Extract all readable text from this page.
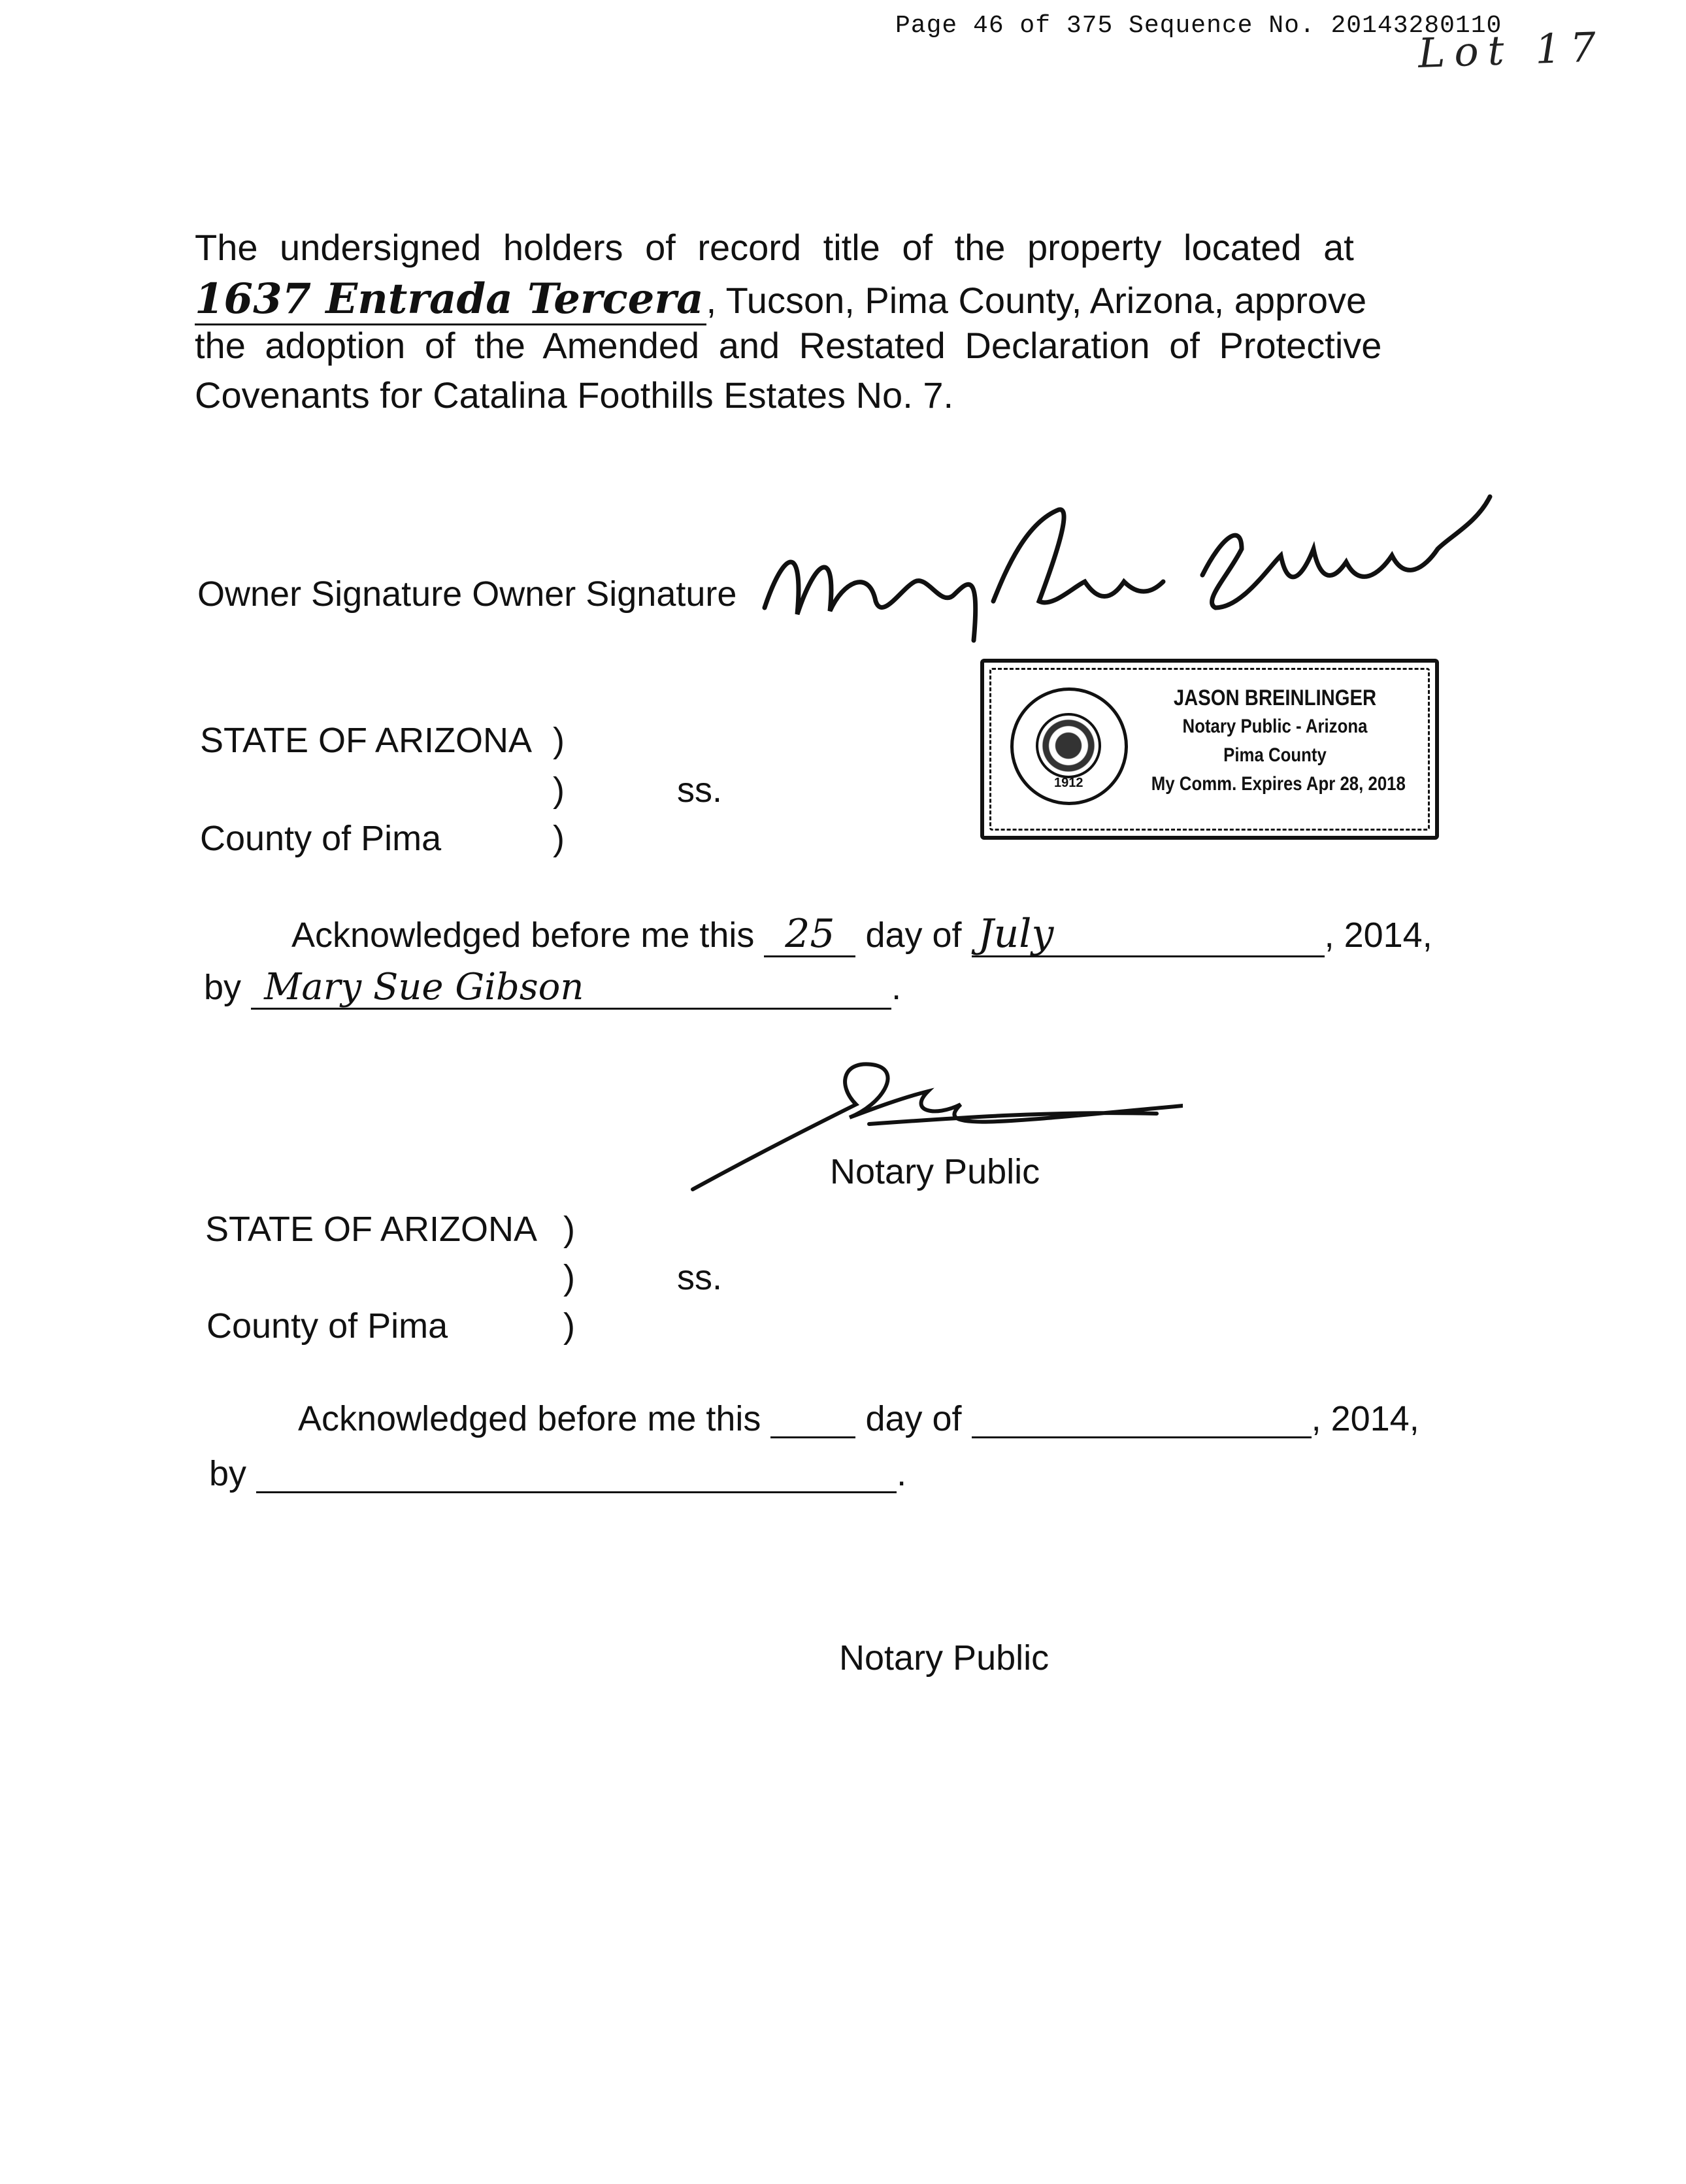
Page 46 of 375 Sequence No. 20143280110
Lot 17
The undersigned holders of record title of the property located at
1637 Entrada Tercera, Tucson, Pima County, Arizona, approve
the adoption of the Amended and Restated Declaration of Protective
Covenants for Catalina Foothills Estates No. 7.
Owner Signature Owner Signature
1912
JASON BREINLINGER
Notary Public - Arizona
Pima County
My Comm. Expires Apr 28, 2018
STATE OF ARIZONA )
)	ss.
County of Pima	)
Acknowledged before me this 25 day of July	, 2014,
by Mary Sue Gibson	.
Notary Public
STATE OF ARIZONA )
)	ss.
County of Pima	)
Acknowledged before me this	day of	, 2014,
by	.
Notary Public
